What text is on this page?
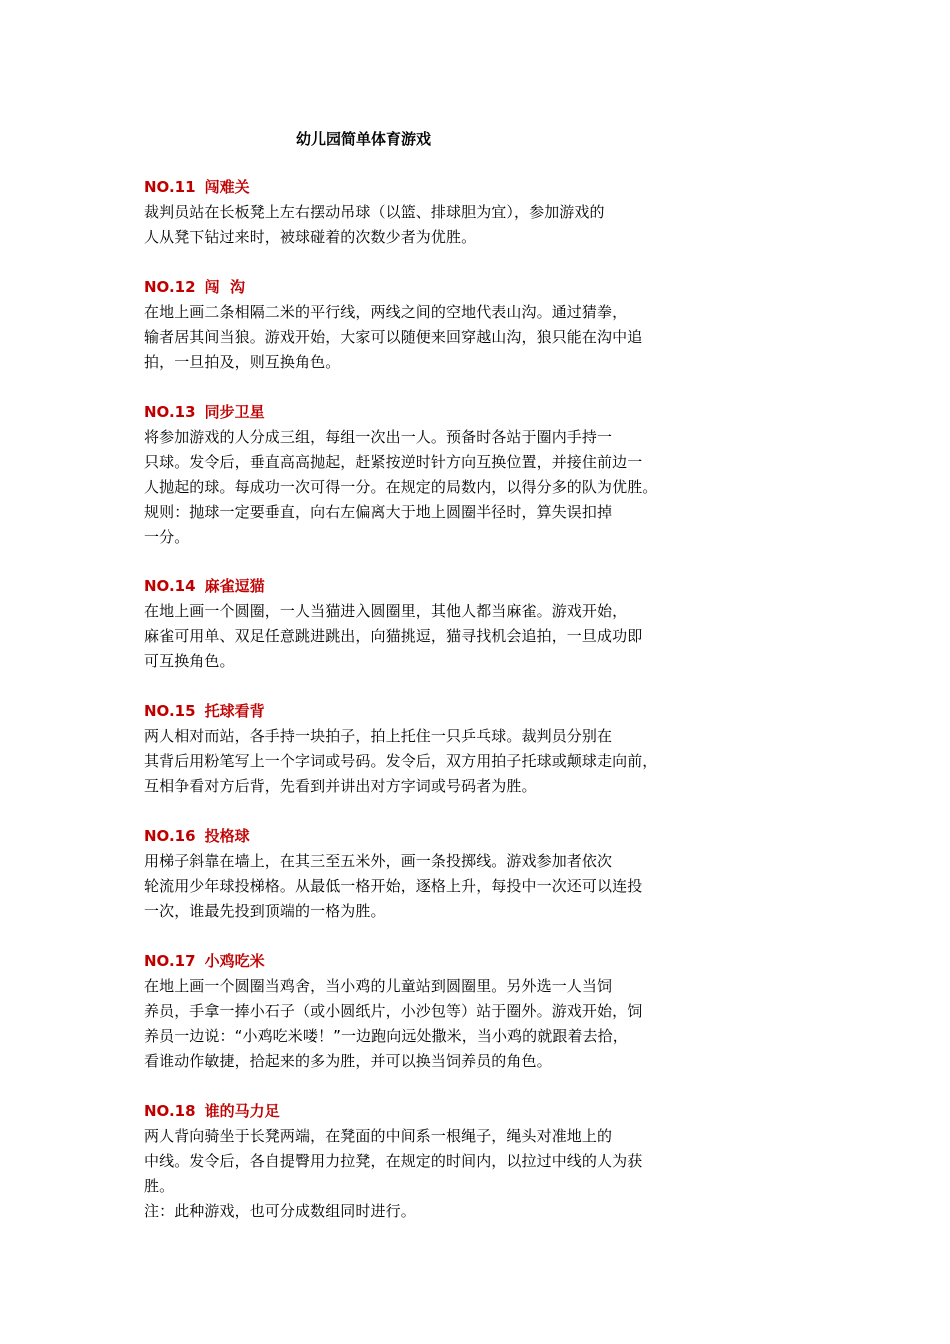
幼儿园简单体育游戏
NO.11 闯难关
裁判员站在长板凳上左右摆动吊球（以篮、排球胆为宜），参加游戏的
人从凳下钻过来时，被球碰着的次数少者为优胜。
NO.12 闯  沟
在地上画二条相隔二米的平行线，两线之间的空地代表山沟。通过猜拳，
输者居其间当狼。游戏开始，大家可以随便来回穿越山沟，狼只能在沟中追
拍，一旦拍及，则互换角色。
NO.13 同步卫星
将参加游戏的人分成三组，每组一次出一人。预备时各站于圈内手持一
只球。发令后，垂直高高抛起，赶紧按逆时针方向互换位置，并接住前边一
人抛起的球。每成功一次可得一分。在规定的局数内，以得分多的队为优胜。
规则：抛球一定要垂直，向右左偏离大于地上圆圈半径时，算失误扣掉
一分。
NO.14 麻雀逗猫
在地上画一个圆圈，一人当猫进入圆圈里，其他人都当麻雀。游戏开始，
麻雀可用单、双足任意跳进跳出，向猫挑逗，猫寻找机会追拍，一旦成功即
可互换角色。
NO.15 托球看背
两人相对而站，各手持一块拍子，拍上托住一只乒乓球。裁判员分别在
其背后用粉笔写上一个字词或号码。发令后，双方用拍子托球或颠球走向前，
互相争看对方后背，先看到并讲出对方字词或号码者为胜。
NO.16 投格球
用梯子斜靠在墙上，在其三至五米外，画一条投掷线。游戏参加者依次
轮流用少年球投梯格。从最低一格开始，逐格上升，每投中一次还可以连投
一次，谁最先投到顶端的一格为胜。
NO.17 小鸡吃米
在地上画一个圆圈当鸡舍，当小鸡的儿童站到圆圈里。另外选一人当饲
养员，手拿一捧小石子（或小圆纸片，小沙包等）站于圈外。游戏开始，饲
养员一边说：“小鸡吃米喽！”一边跑向远处撒米，当小鸡的就跟着去拾，
看谁动作敏捷，拾起来的多为胜，并可以换当饲养员的角色。
NO.18 谁的马力足
两人背向骑坐于长凳两端，在凳面的中间系一根绳子，绳头对准地上的
中线。发令后，各自提臀用力拉凳，在规定的时间内，以拉过中线的人为获
胜。
注：此种游戏，也可分成数组同时进行。
